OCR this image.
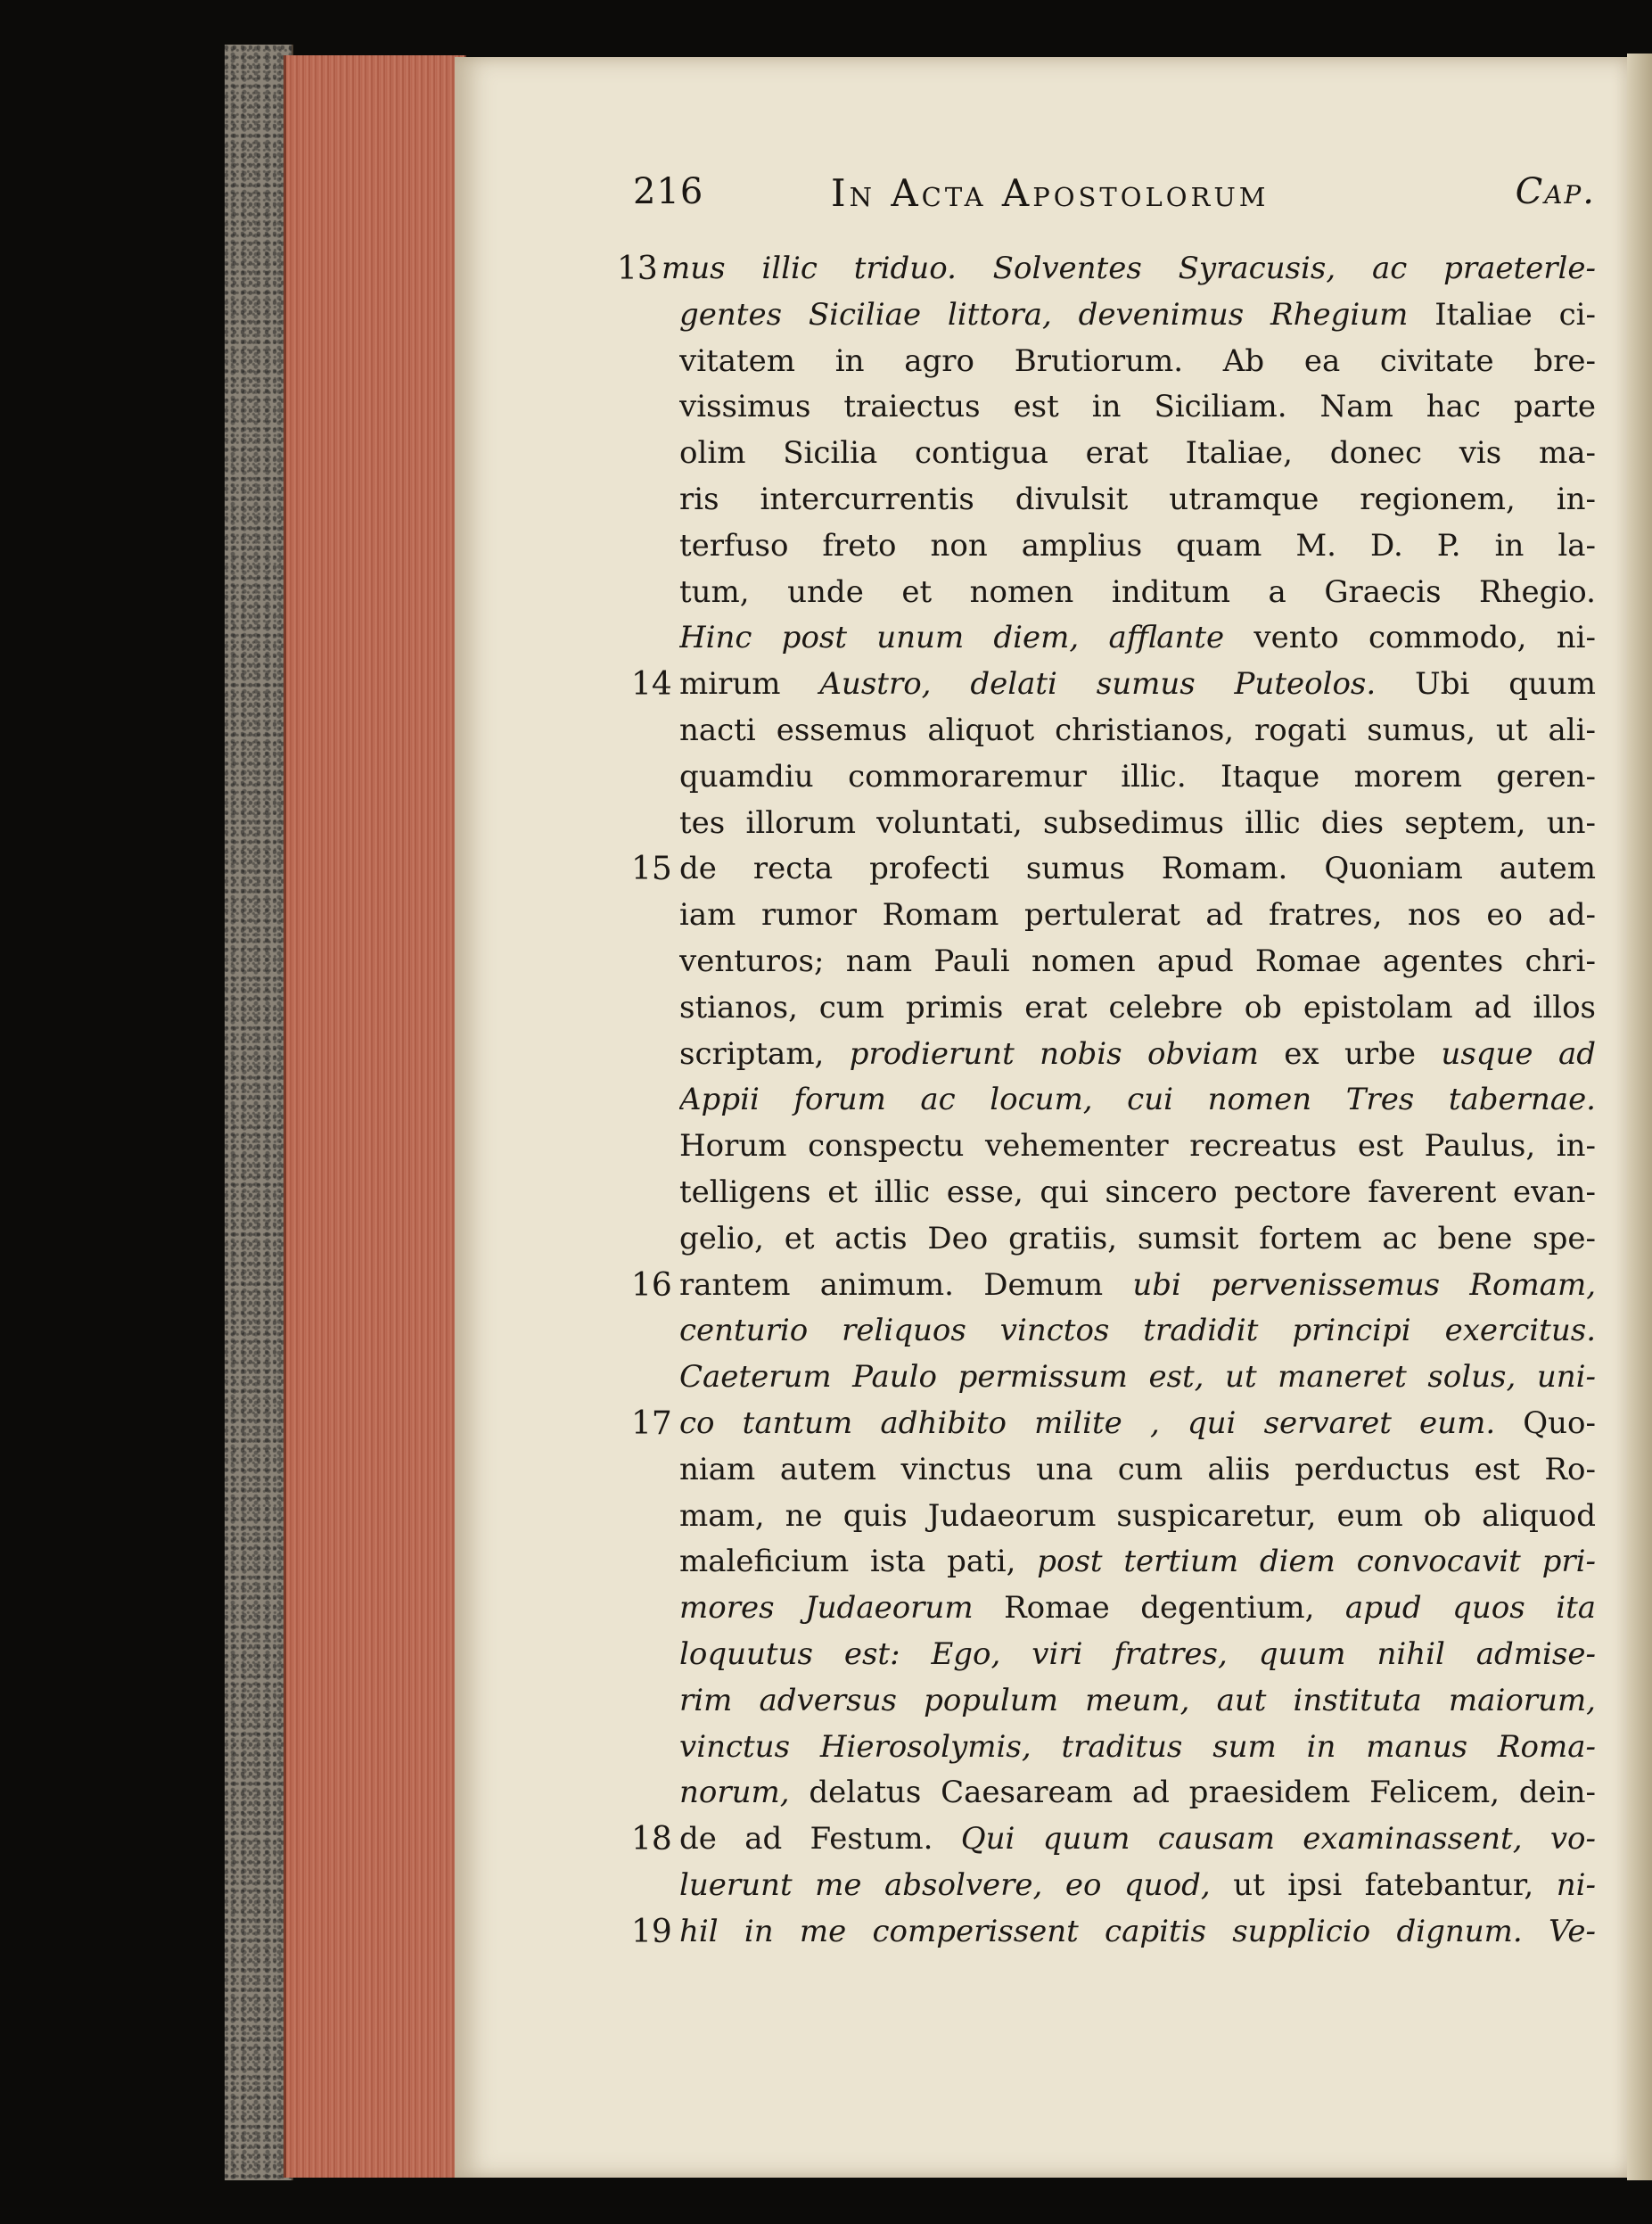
216	In Acta Apostolorum	Cap.
13 mus illic triduo. Solventes Syracusis, ac praeterle-
gentes Siciliae littora, devenimus Rhegium Italiae ci-
vitatem in agro Brutiorum. Ab ea civitate bre-
vissimus traiectus est in Siciliam. Nam hac parte
olim Sicilia contigua erat Italiae, donec vis ma-
ris intercurrentis divulsit utramque regionem, in-
terfuso freto non amplius quam M. D. P. in la-
tum, unde et nomen inditum a Graecis Rhegio.
Hinc post unum diem, afflante vento commodo, ni-
14 mirum Austro, delati sumus Puteolos. Ubi quum
nacti essemus aliquot christianos, rogati sumus, ut ali-
quamdiu commoraremur illic. Itaque morem geren-
tes illorum voluntati, subsedimus illic dies septem, un-
15 de recta profecti sumus Romam. Quoniam autem
iam rumor Romam pertulerat ad fratres, nos eo ad-
venturos; nam Pauli nomen apud Romae agentes chri-
stianos, cum primis erat celebre ob epistolam ad illos
scriptam, prodierunt nobis obviam ex urbe usque ad
Appii forum ac locum, cui nomen Tres tabernae.
Horum conspectu vehementer recreatus est Paulus, in-
telligens et illic esse, qui sincero pectore faverent evan-
gelio, et actis Deo gratiis, sumsit fortem ac bene spe-
16 rantem animum. Demum ubi pervenissemus Romam,
centurio reliquos vinctos tradidit principi exercitus.
Caeterum Paulo permissum est, ut maneret solus, uni-
17 co tantum adhibito milite , qui servaret eum. Quo-
niam autem vinctus una cum aliis perductus est Ro-
mam, ne quis Judaeorum suspicaretur, eum ob aliquod
maleficium ista pati, post tertium diem convocavit pri-
mores Judaeorum Romae degentium, apud quos ita
loquutus est: Ego, viri fratres, quum nihil admise-
rim adversus populum meum, aut instituta maiorum,
vinctus Hierosolymis, traditus sum in manus Roma-
norum, delatus Caesaream ad praesidem Felicem, dein-
18 de ad Festum. Qui quum causam examinassent, vo-
luerunt me absolvere, eo quod, ut ipsi fatebantur, ni-
19 hil in me comperissent capitis supplicio dignum. Ve-
